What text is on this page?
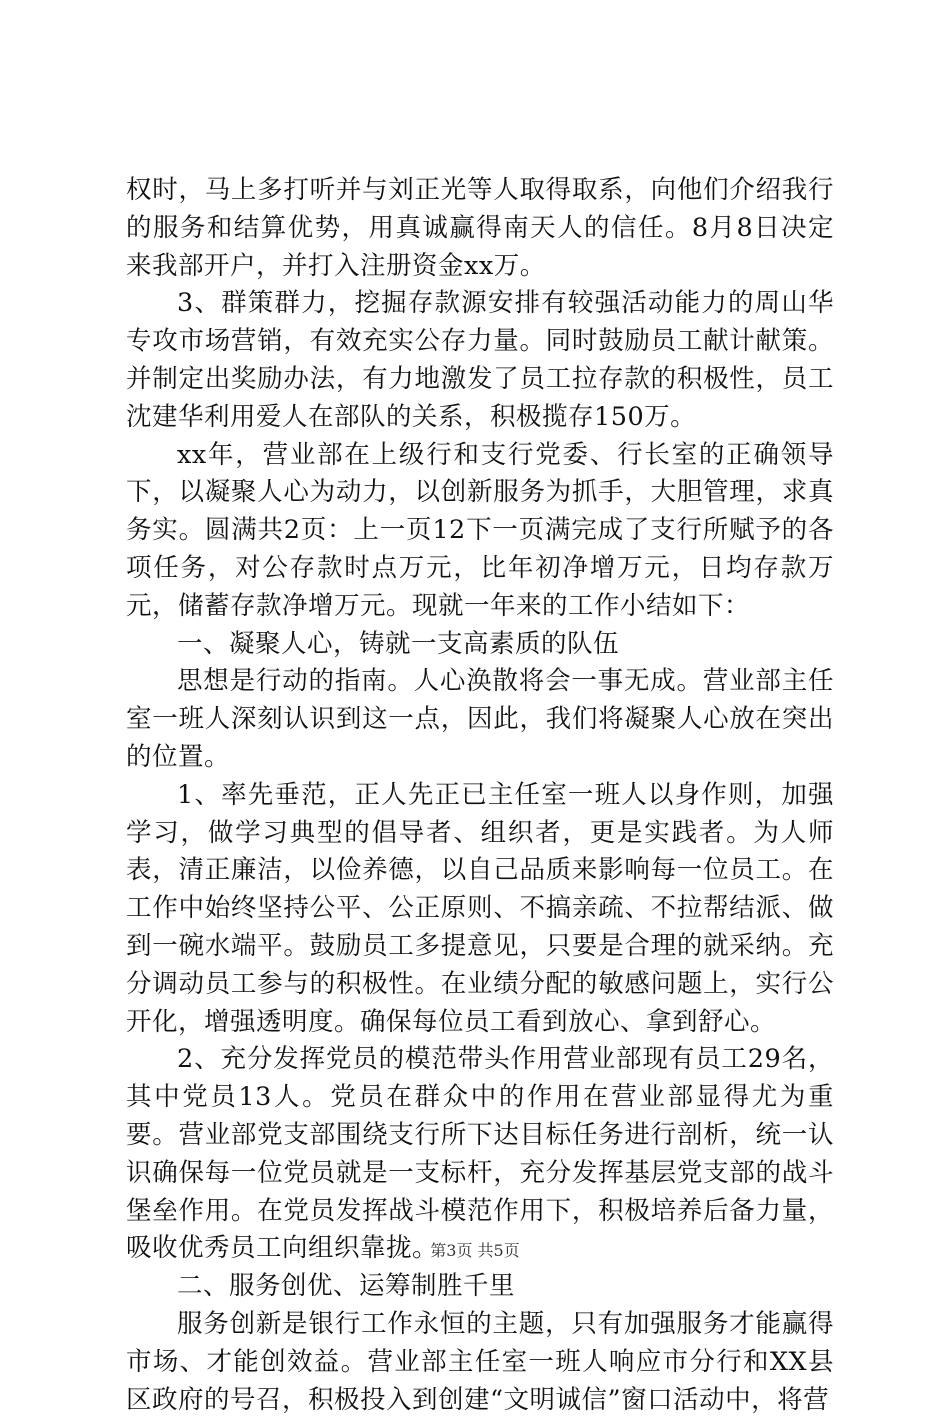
权时，马上多打听并与刘正光等人取得取系，向他们介绍我行的服务和结算优势，用真诚赢得南天人的信任。8月8日决定来我部开户，并打入注册资金xx万。

3、群策群力，挖掘存款源安排有较强活动能力的周山华专攻市场营销，有效充实公存力量。同时鼓励员工献计献策。并制定出奖励办法，有力地激发了员工拉存款的积极性，员工沈建华利用爱人在部队的关系，积极揽存150万。

xx年，营业部在上级行和支行党委、行长室的正确领导下，以凝聚人心为动力，以创新服务为抓手，大胆管理，求真务实。圆满共2页：上一页12下一页满完成了支行所赋予的各项任务，对公存款时点万元，比年初净增万元，日均存款万元，储蓄存款净增万元。现就一年来的工作小结如下：

一、凝聚人心，铸就一支高素质的队伍

思想是行动的指南。人心涣散将会一事无成。营业部主任室一班人深刻认识到这一点，因此，我们将凝聚人心放在突出的位置。

1、率先垂范，正人先正已主任室一班人以身作则，加强学习，做学习典型的倡导者、组织者，更是实践者。为人师表，清正廉洁，以俭养德，以自己品质来影响每一位员工。在工作中始终坚持公平、公正原则、不搞亲疏、不拉帮结派、做到一碗水端平。鼓励员工多提意见，只要是合理的就采纳。充分调动员工参与的积极性。在业绩分配的敏感问题上，实行公开化，增强透明度。确保每位员工看到放心、拿到舒心。

2、充分发挥党员的模范带头作用营业部现有员工29名，其中党员13人。党员在群众中的作用在营业部显得尤为重要。营业部党支部围绕支行所下达目标任务进行剖析，统一认识确保每一位党员就是一支标杆，充分发挥基层党支部的战斗堡垒作用。在党员发挥战斗模范作用下，积极培养后备力量，吸收优秀员工向组织靠拢。

二、服务创优、运筹制胜千里

服务创新是银行工作永恒的主题，只有加强服务才能赢得市场、才能创效益。营业部主任室一班人响应市分行和XX县区政府的号召，积极投入到创建“文明诚信”窗口活动中，将营

第3页 共5页
